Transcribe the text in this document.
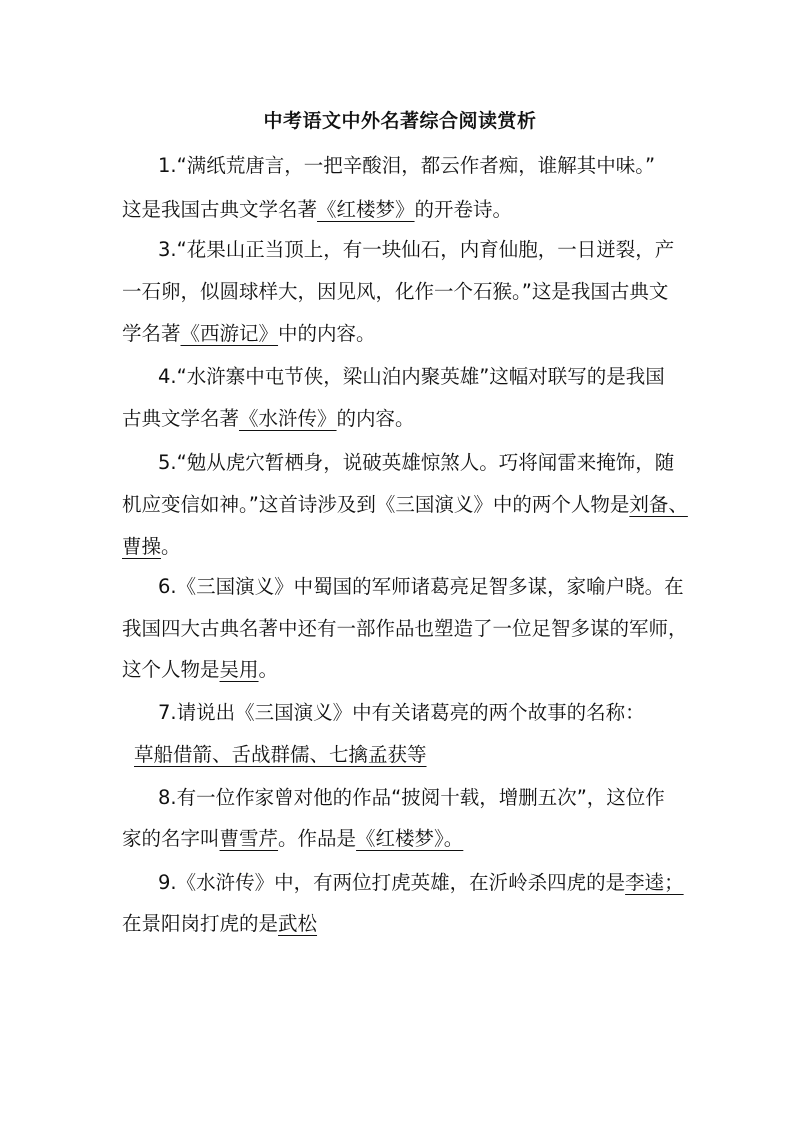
中考语文中外名著综合阅读赏析
1.“满纸荒唐言，一把辛酸泪，都云作者痴，谁解其中味。”
这是我国古典文学名著《红楼梦》的开卷诗。
3.“花果山正当顶上，有一块仙石，内育仙胞，一日迸裂，产
一石卵，似圆球样大，因见风，化作一个石猴。”这是我国古典文
学名著《西游记》中的内容。
4.“水浒寨中屯节侠，梁山泊内聚英雄”这幅对联写的是我国
古典文学名著《水浒传》的内容。
5.“勉从虎穴暂栖身，说破英雄惊煞人。巧将闻雷来掩饰，随
机应变信如神。”这首诗涉及到《三国演义》中的两个人物是刘备、
曹操。
6.《三国演义》中蜀国的军师诸葛亮足智多谋，家喻户晓。在
我国四大古典名著中还有一部作品也塑造了一位足智多谋的军师，
这个人物是吴用。
7.请说出《三国演义》中有关诸葛亮的两个故事的名称：
草船借箭、舌战群儒、七擒孟获等
8.有一位作家曾对他的作品“披阅十载，增删五次”，这位作
家的名字叫曹雪芹。作品是《红楼梦》。
9.《水浒传》中，有两位打虎英雄，在沂岭杀四虎的是李逵；
在景阳岗打虎的是武松
